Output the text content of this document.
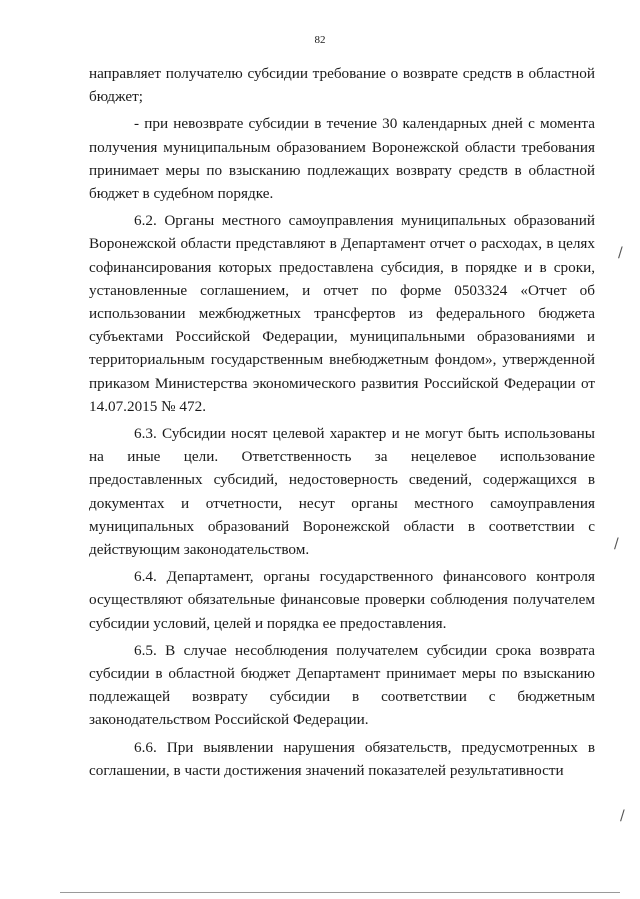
82

направляет получателю субсидии требование о возврате средств в областной бюджет;

- при невозврате субсидии в течение 30 календарных дней с момента получения муниципальным образованием Воронежской области требования принимает меры по взысканию подлежащих возврату средств в областной бюджет в судебном порядке.

6.2. Органы местного самоуправления муниципальных образований Воронежской области представляют в Департамент отчет о расходах, в целях софинансирования которых предоставлена субсидия, в порядке и в сроки, установленные соглашением, и отчет по форме 0503324 «Отчет об использовании межбюджетных трансфертов из федерального бюджета субъектами Российской Федерации, муниципальными образованиями и территориальным государственным внебюджетным фондом», утвержденной приказом Министерства экономического развития Российской Федерации от 14.07.2015 № 472.

6.3. Субсидии носят целевой характер и не могут быть использованы на иные цели. Ответственность за нецелевое использование предоставленных субсидий, недостоверность сведений, содержащихся в документах и отчетности, несут органы местного самоуправления муниципальных образований Воронежской области в соответствии с действующим законодательством.

6.4. Департамент, органы государственного финансового контроля осуществляют обязательные финансовые проверки соблюдения получателем субсидии условий, целей и порядка ее предоставления.

6.5. В случае несоблюдения получателем субсидии срока возврата субсидии в областной бюджет Департамент принимает меры по взысканию подлежащей возврату субсидии в соответствии с бюджетным законодательством Российской Федерации.

6.6. При выявлении нарушения обязательств, предусмотренных в соглашении, в части достижения значений показателей результативности

/
/
/
